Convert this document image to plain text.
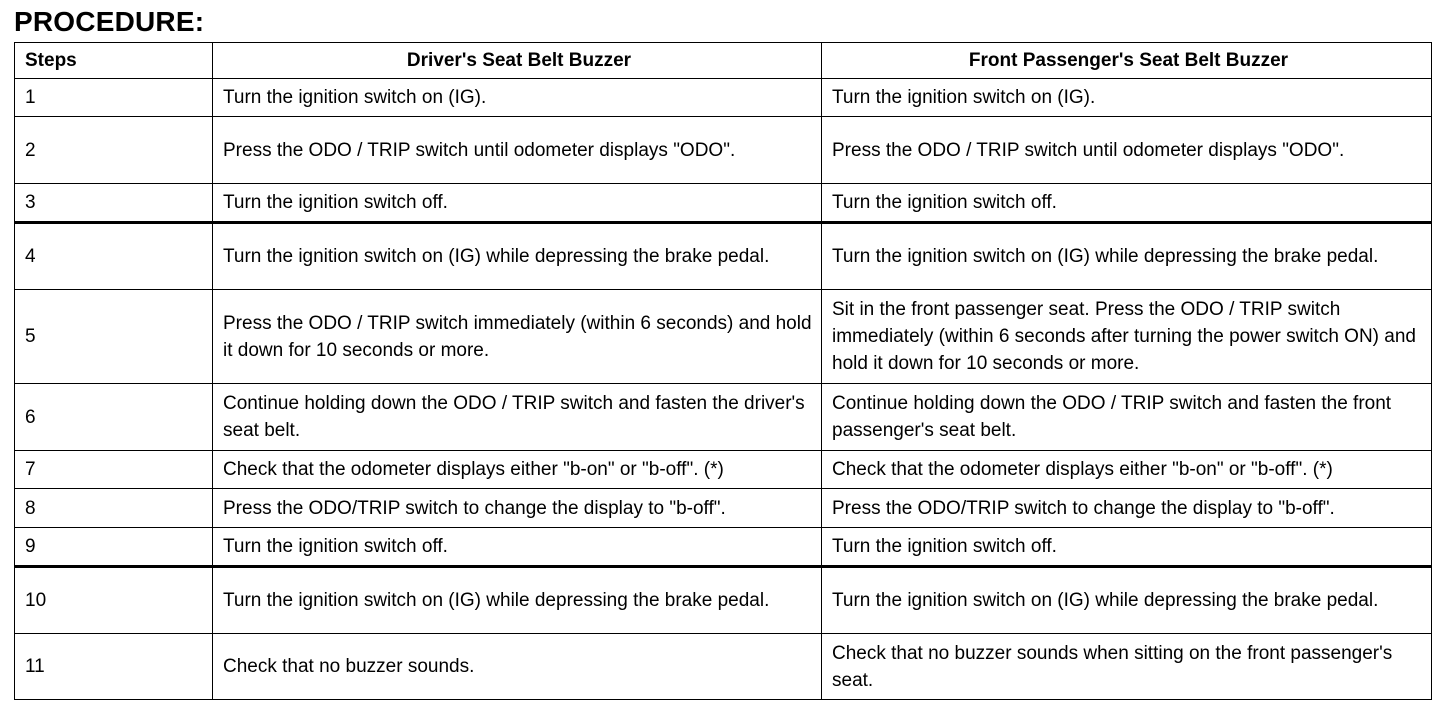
PROCEDURE:
Steps	Driver's Seat Belt Buzzer	Front Passenger's Seat Belt Buzzer
1	Turn the ignition switch on (IG).	Turn the ignition switch on (IG).
2	Press the ODO / TRIP switch until odometer displays "ODO".	Press the ODO / TRIP switch until odometer displays "ODO".
3	Turn the ignition switch off.	Turn the ignition switch off.
4	Turn the ignition switch on (IG) while depressing the brake pedal.	Turn the ignition switch on (IG) while depressing the brake pedal.
5	Press the ODO / TRIP switch immediately (within 6 seconds) and hold it down for 10 seconds or more.	Sit in the front passenger seat. Press the ODO / TRIP switch immediately (within 6 seconds after turning the power switch ON) and hold it down for 10 seconds or more.
6	Continue holding down the ODO / TRIP switch and fasten the driver's seat belt.	Continue holding down the ODO / TRIP switch and fasten the front passenger's seat belt.
7	Check that the odometer displays either "b-on" or "b-off". (*)	Check that the odometer displays either "b-on" or "b-off". (*)
8	Press the ODO/TRIP switch to change the display to "b-off".	Press the ODO/TRIP switch to change the display to "b-off".
9	Turn the ignition switch off.	Turn the ignition switch off.
10	Turn the ignition switch on (IG) while depressing the brake pedal.	Turn the ignition switch on (IG) while depressing the brake pedal.
11	Check that no buzzer sounds.	Check that no buzzer sounds when sitting on the front passenger's seat.
